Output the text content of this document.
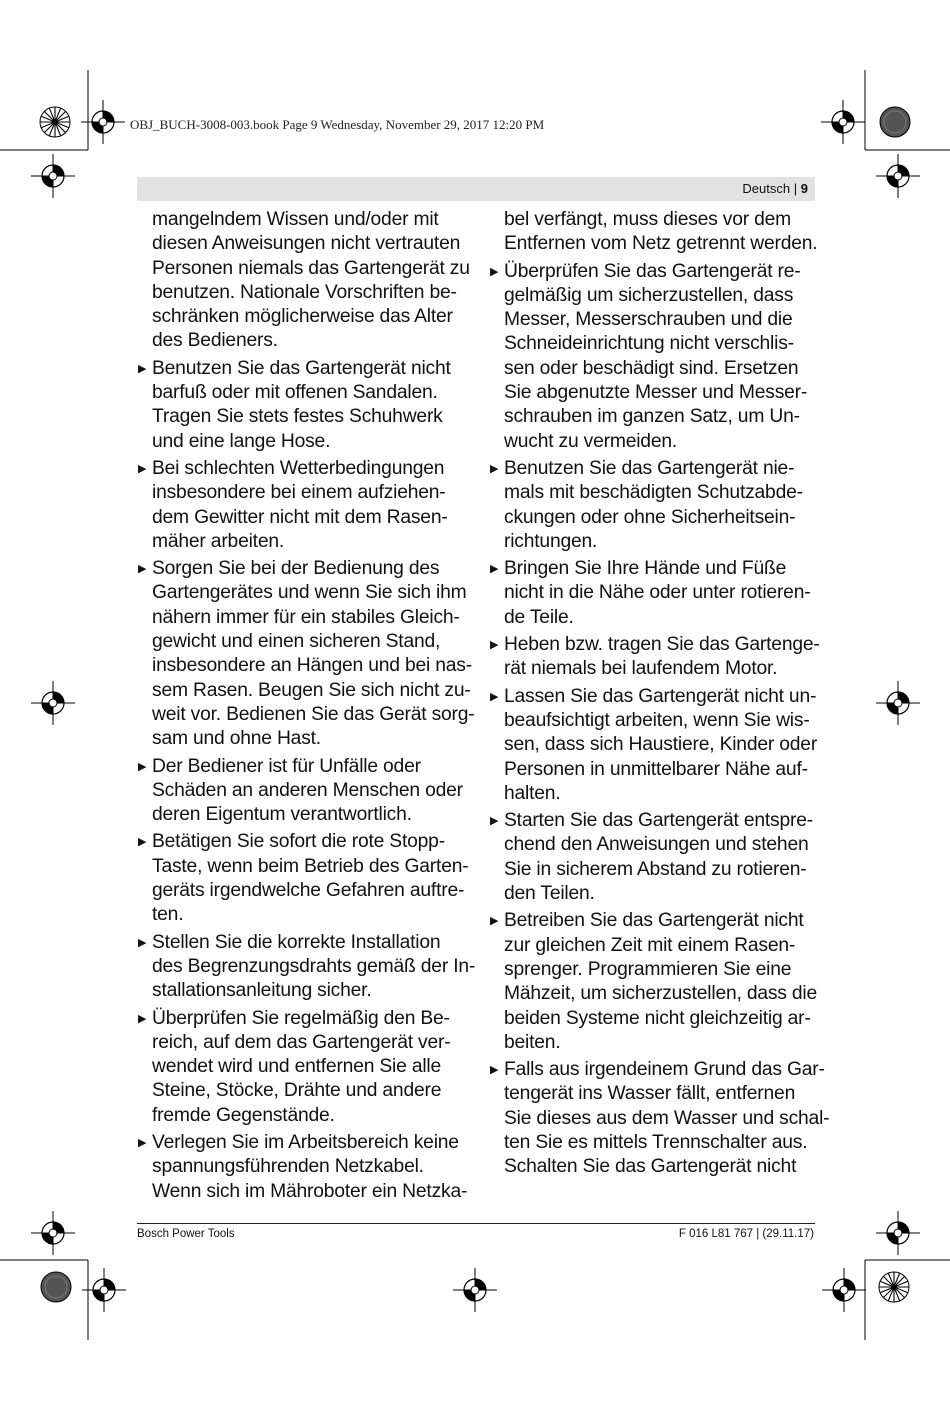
OBJ_BUCH-3008-003.book Page 9 Wednesday, November 29, 2017 12:20 PM
Deutsch | 9
mangelndem Wissen und/oder mit
diesen Anweisungen nicht vertrauten
Personen niemals das Gartengerät zu
benutzen. Nationale Vorschriften be-
schränken möglicherweise das Alter
des Bedieners.
▶ Benutzen Sie das Gartengerät nicht
barfuß oder mit offenen Sandalen.
Tragen Sie stets festes Schuhwerk
und eine lange Hose.
▶ Bei schlechten Wetterbedingungen
insbesondere bei einem aufziehen-
dem Gewitter nicht mit dem Rasen-
mäher arbeiten.
▶ Sorgen Sie bei der Bedienung des
Gartengerätes und wenn Sie sich ihm
nähern immer für ein stabiles Gleich-
gewicht und einen sicheren Stand,
insbesondere an Hängen und bei nas-
sem Rasen. Beugen Sie sich nicht zu-
weit vor. Bedienen Sie das Gerät sorg-
sam und ohne Hast.
▶ Der Bediener ist für Unfälle oder
Schäden an anderen Menschen oder
deren Eigentum verantwortlich.
▶ Betätigen Sie sofort die rote Stopp-
Taste, wenn beim Betrieb des Garten-
geräts irgendwelche Gefahren auftre-
ten.
▶ Stellen Sie die korrekte Installation
des Begrenzungsdrahts gemäß der In-
stallationsanleitung sicher.
▶ Überprüfen Sie regelmäßig den Be-
reich, auf dem das Gartengerät ver-
wendet wird und entfernen Sie alle
Steine, Stöcke, Drähte und andere
fremde Gegenstände.
▶ Verlegen Sie im Arbeitsbereich keine
spannungsführenden Netzkabel.
Wenn sich im Mähroboter ein Netzka-
bel verfängt, muss dieses vor dem
Entfernen vom Netz getrennt werden.
▶ Überprüfen Sie das Gartengerät re-
gelmäßig um sicherzustellen, dass
Messer, Messerschrauben und die
Schneideinrichtung nicht verschlis-
sen oder beschädigt sind. Ersetzen
Sie abgenutzte Messer und Messer-
schrauben im ganzen Satz, um Un-
wucht zu vermeiden.
▶ Benutzen Sie das Gartengerät nie-
mals mit beschädigten Schutzabde-
ckungen oder ohne Sicherheitsein-
richtungen.
▶ Bringen Sie Ihre Hände und Füße
nicht in die Nähe oder unter rotieren-
de Teile.
▶ Heben bzw. tragen Sie das Gartenge-
rät niemals bei laufendem Motor.
▶ Lassen Sie das Gartengerät nicht un-
beaufsichtigt arbeiten, wenn Sie wis-
sen, dass sich Haustiere, Kinder oder
Personen in unmittelbarer Nähe auf-
halten.
▶ Starten Sie das Gartengerät entspre-
chend den Anweisungen und stehen
Sie in sicherem Abstand zu rotieren-
den Teilen.
▶ Betreiben Sie das Gartengerät nicht
zur gleichen Zeit mit einem Rasen-
sprenger. Programmieren Sie eine
Mähzeit, um sicherzustellen, dass die
beiden Systeme nicht gleichzeitig ar-
beiten.
▶ Falls aus irgendeinem Grund das Gar-
tengerät ins Wasser fällt, entfernen
Sie dieses aus dem Wasser und schal-
ten Sie es mittels Trennschalter aus.
Schalten Sie das Gartengerät nicht
Bosch Power Tools	F 016 L81 767 | (29.11.17)
